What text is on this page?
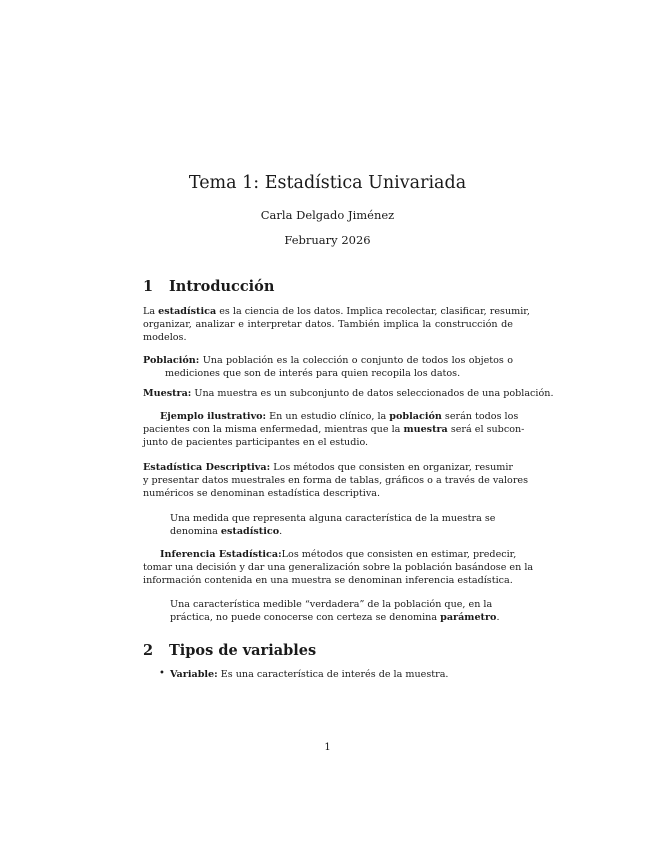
Tema 1: Estadística Univariada
Carla Delgado Jiménez
February 2026
1 Introducción
La estadística es la ciencia de los datos. Implica recolectar, clasificar, resumir,
organizar, analizar e interpretar datos. También implica la construcción de
modelos.
Población: Una población es la colección o conjunto de todos los objetos o
mediciones que son de interés para quien recopila los datos.
Muestra: Una muestra es un subconjunto de datos seleccionados de una población.
Ejemplo ilustrativo: En un estudio clínico, la población serán todos los
pacientes con la misma enfermedad, mientras que la muestra será el subcon-
junto de pacientes participantes en el estudio.
Estadística Descriptiva: Los métodos que consisten en organizar, resumir
y presentar datos muestrales en forma de tablas, gráficos o a través de valores
numéricos se denominan estadística descriptiva.
Una medida que representa alguna característica de la muestra se
denomina estadístico.
Inferencia Estadística:Los métodos que consisten en estimar, predecir,
tomar una decisión y dar una generalización sobre la población basándose en la
información contenida en una muestra se denominan inferencia estadística.
Una característica medible “verdadera” de la población que, en la
práctica, no puede conocerse con certeza se denomina parámetro.
2 Tipos de variables
• Variable: Es una característica de interés de la muestra.
1
